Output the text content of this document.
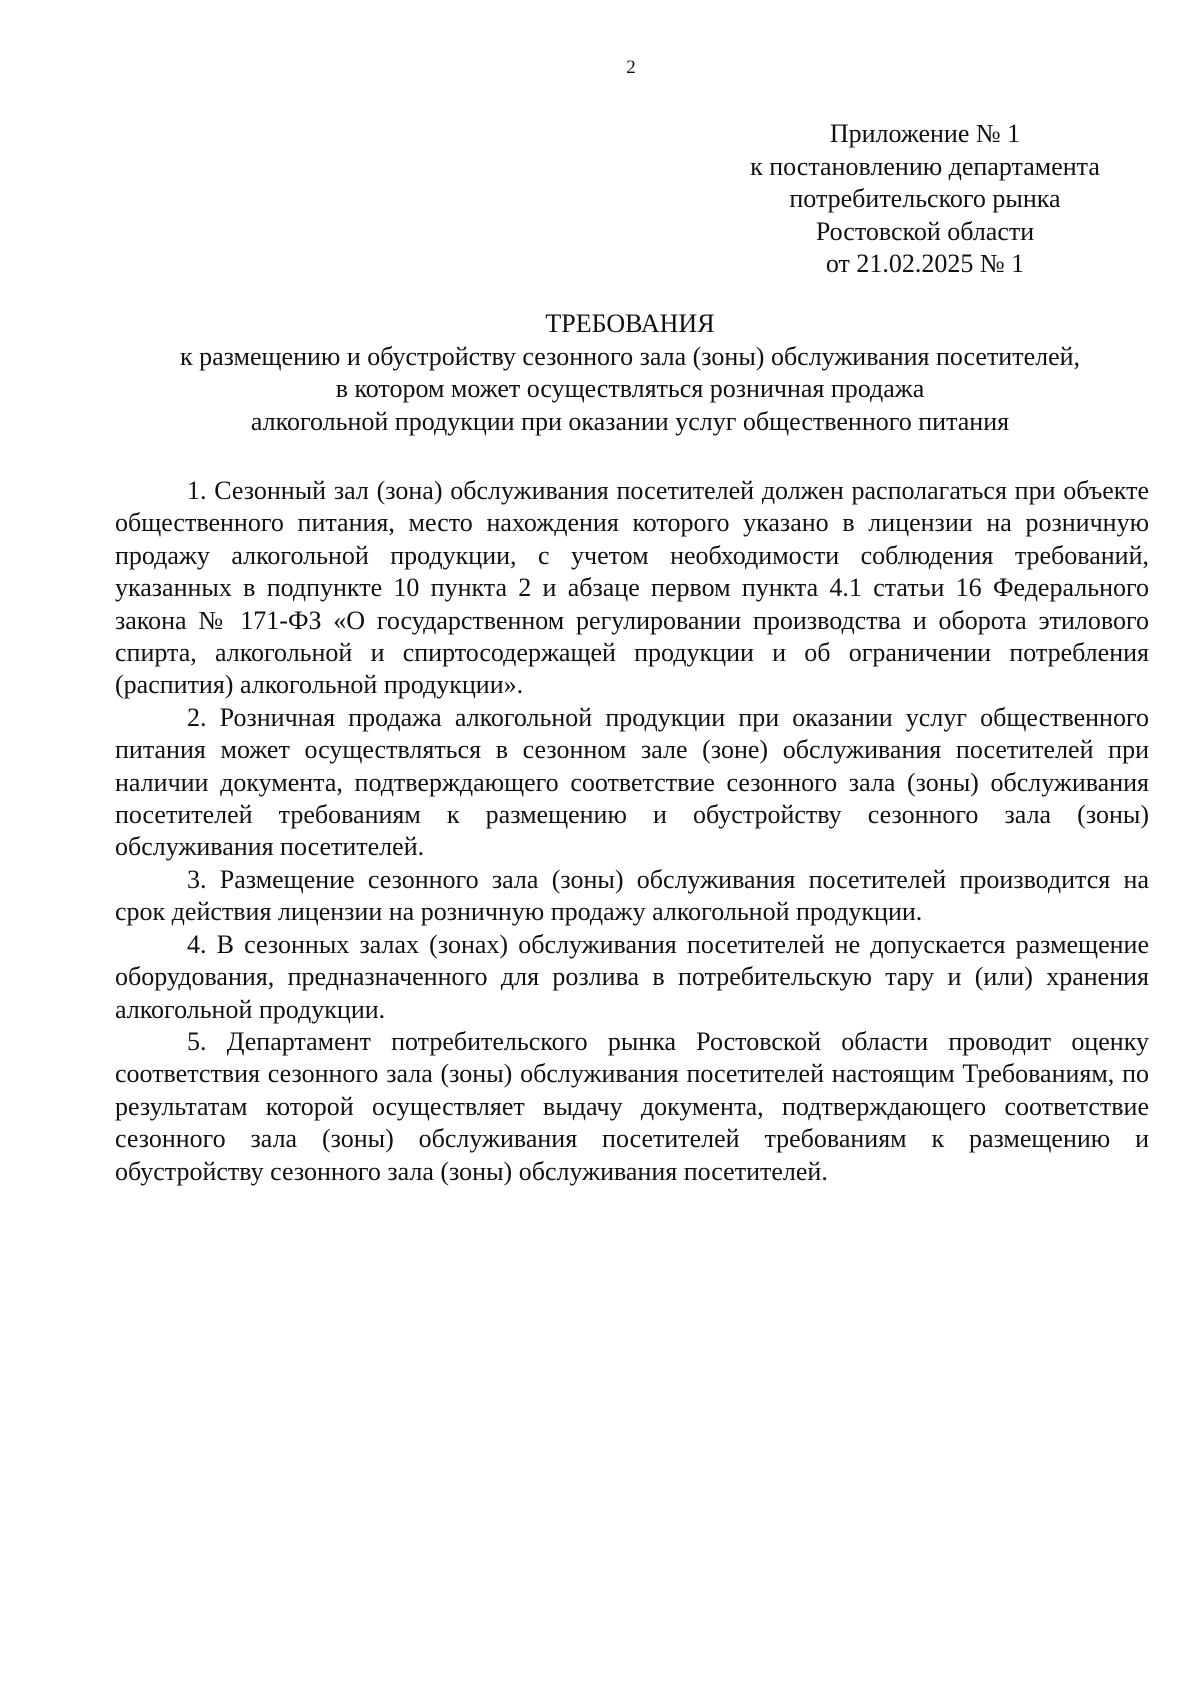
2
Приложение № 1
к постановлению департамента
потребительского рынка
Ростовской области
от 21.02.2025 № 1
ТРЕБОВАНИЯ
к размещению и обустройству сезонного зала (зоны) обслуживания посетителей,
в котором может осуществляться розничная продажа
алкогольной продукции при оказании услуг общественного питания

1. Сезонный зал (зона) обслуживания посетителей должен располагаться при объекте общественного питания, место нахождения которого указано в лицензии на розничную продажу алкогольной продукции, с учетом необходимости соблюдения требований, указанных в подпункте 10 пункта 2 и абзаце первом пункта 4.1 статьи 16 Федерального закона № 171-ФЗ «О государственном регулировании производства и оборота этилового спирта, алкогольной и спиртосодержащей продукции и об ограничении потребления (распития) алкогольной продукции».

2. Розничная продажа алкогольной продукции при оказании услуг общественного питания может осуществляться в сезонном зале (зоне) обслуживания посетителей при наличии документа, подтверждающего соответствие сезонного зала (зоны) обслуживания посетителей требованиям к размещению и обустройству сезонного зала (зоны) обслуживания посетителей.

3. Размещение сезонного зала (зоны) обслуживания посетителей производится на срок действия лицензии на розничную продажу алкогольной продукции.

4. В сезонных залах (зонах) обслуживания посетителей не допускается размещение оборудования, предназначенного для розлива в потребительскую тару и (или) хранения алкогольной продукции.

5. Департамент потребительского рынка Ростовской области проводит оценку соответствия сезонного зала (зоны) обслуживания посетителей настоящим Требованиям, по результатам которой осуществляет выдачу документа, подтверждающего соответствие сезонного зала (зоны) обслуживания посетителей требованиям к размещению и обустройству сезонного зала (зоны) обслуживания посетителей.
